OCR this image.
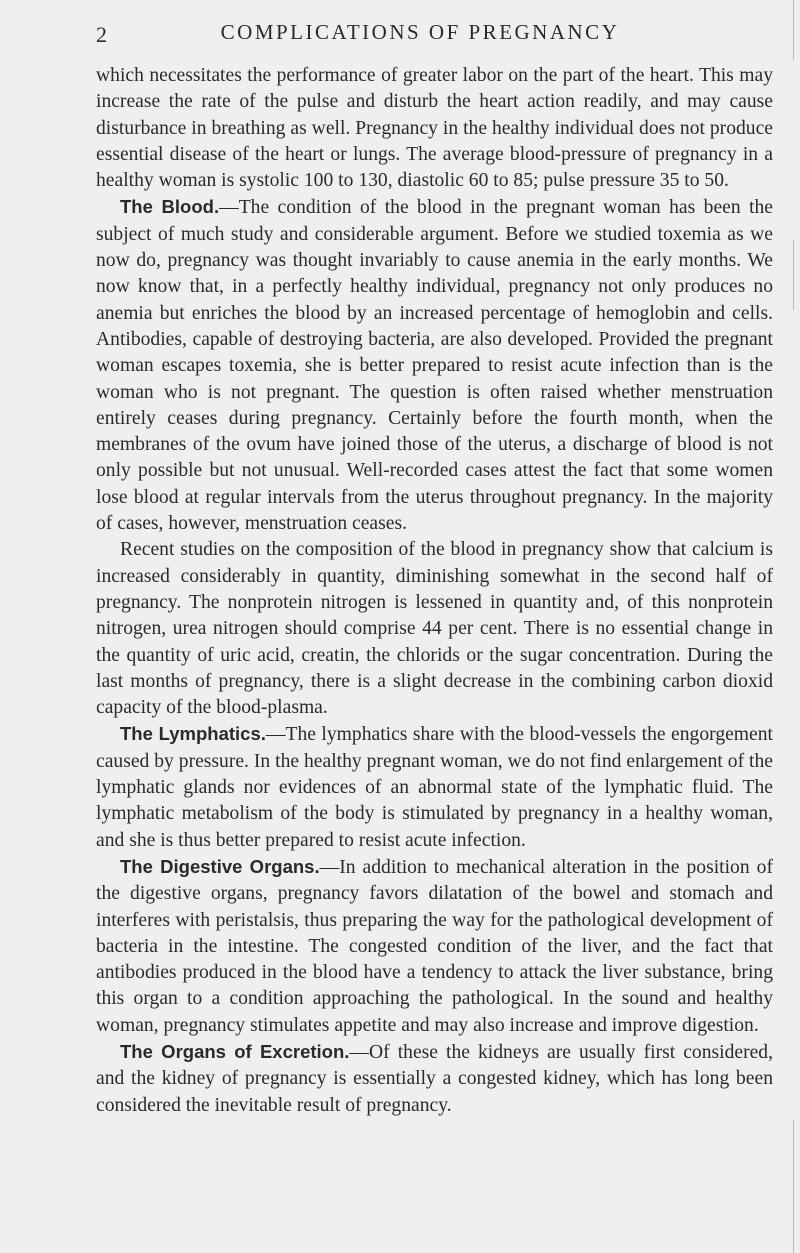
2	COMPLICATIONS OF PREGNANCY

which necessitates the performance of greater labor on the part of the heart. This may increase the rate of the pulse and disturb the heart action readily, and may cause disturbance in breathing as well. Pregnancy in the healthy individual does not produce essential disease of the heart or lungs. The average blood-pressure of pregnancy in a healthy woman is systolic 100 to 130, diastolic 60 to 85; pulse pressure 35 to 50.

The Blood.—The condition of the blood in the pregnant woman has been the subject of much study and considerable argument. Before we studied toxemia as we now do, pregnancy was thought invariably to cause anemia in the early months. We now know that, in a perfectly healthy individual, pregnancy not only produces no anemia but enriches the blood by an increased percentage of hemoglobin and cells. Antibodies, capable of destroying bacteria, are also developed. Provided the pregnant woman escapes toxemia, she is better prepared to resist acute infection than is the woman who is not pregnant. The question is often raised whether menstruation entirely ceases during pregnancy. Certainly before the fourth month, when the membranes of the ovum have joined those of the uterus, a discharge of blood is not only possible but not unusual. Well-recorded cases attest the fact that some women lose blood at regular intervals from the uterus throughout pregnancy. In the majority of cases, however, menstruation ceases.

Recent studies on the composition of the blood in pregnancy show that calcium is increased considerably in quantity, diminishing somewhat in the second half of pregnancy. The nonprotein nitrogen is lessened in quantity and, of this nonprotein nitrogen, urea nitrogen should comprise 44 per cent. There is no essential change in the quantity of uric acid, creatin, the chlorids or the sugar concentration. During the last months of pregnancy, there is a slight decrease in the combining carbon dioxid capacity of the blood-plasma.

The Lymphatics.—The lymphatics share with the blood-vessels the engorgement caused by pressure. In the healthy pregnant woman, we do not find enlargement of the lymphatic glands nor evidences of an abnormal state of the lymphatic fluid. The lymphatic metabolism of the body is stimulated by pregnancy in a healthy woman, and she is thus better prepared to resist acute infection.

The Digestive Organs.—In addition to mechanical alteration in the position of the digestive organs, pregnancy favors dilatation of the bowel and stomach and interferes with peristalsis, thus preparing the way for the pathological development of bacteria in the intestine. The congested condition of the liver, and the fact that antibodies produced in the blood have a tendency to attack the liver substance, bring this organ to a condition approaching the pathological. In the sound and healthy woman, pregnancy stimulates appetite and may also increase and improve digestion.

The Organs of Excretion.—Of these the kidneys are usually first considered, and the kidney of pregnancy is essentially a congested kidney, which has long been considered the inevitable result of pregnancy.
